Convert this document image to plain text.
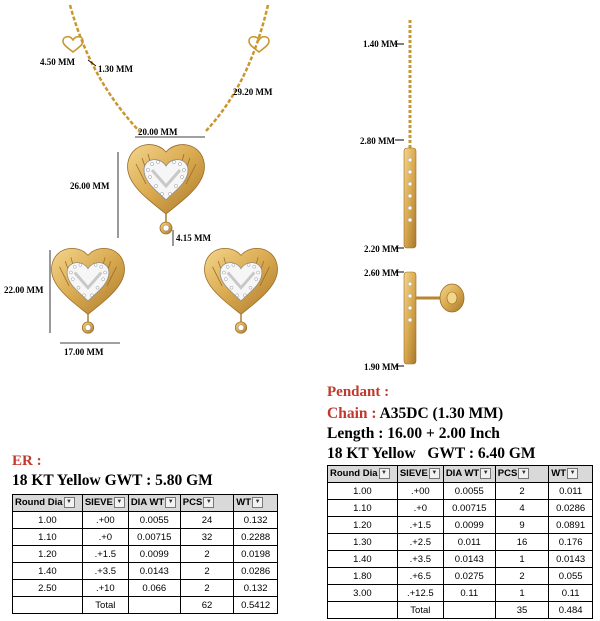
4.50 MM
1.30 MM
29.20 MM
20.00 MM
26.00 MM
4.15 MM
22.00 MM
17.00 MM
1.40 MM
2.80 MM
2.20 MM
2.60 MM
1.90 MM
ER :
18 KT Yellow GWT : 5.80 GM
Round Dia ▼	SIEVE ▼	DIA WT ▼	PCS ▼	WT ▼
1.00	.+00	0.0055	24	0.132
1.10	.+0	0.00715	32	0.2288
1.20	.+1.5	0.0099	2	0.0198
1.40	.+3.5	0.0143	2	0.0286
2.50	.+10	0.066	2	0.132
	Total		62	0.5412
Pendant :
Chain : A35DC (1.30 MM)
Length : 16.00 + 2.00 Inch
18 KT Yellow   GWT : 6.40 GM
Round Dia ▼	SIEVE ▼	DIA WT ▼	PCS ▼	WT ▼
1.00	.+00	0.0055	2	0.011
1.10	.+0	0.00715	4	0.0286
1.20	.+1.5	0.0099	9	0.0891
1.30	.+2.5	0.011	16	0.176
1.40	.+3.5	0.0143	1	0.0143
1.80	.+6.5	0.0275	2	0.055
3.00	.+12.5	0.11	1	0.11
	Total		35	0.484
